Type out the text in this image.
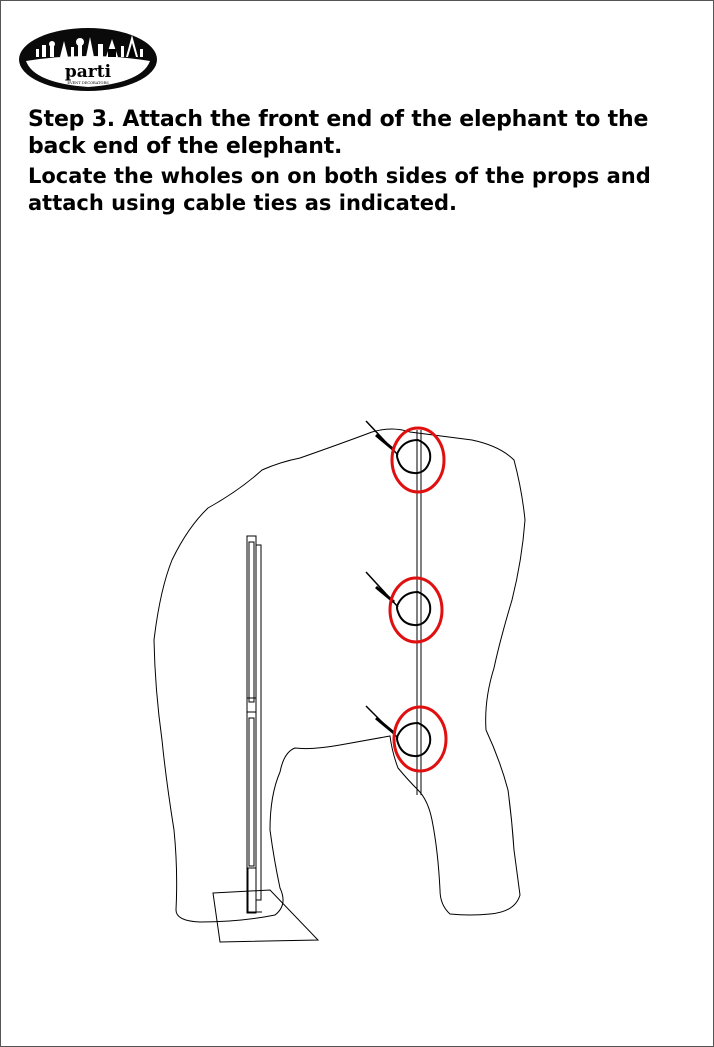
parti
EVENT DECORATORS

Step 3. Attach the front end of the elephant to the back end of the elephant.

Locate the wholes on on both sides of the props and attach using cable ties as indicated.
